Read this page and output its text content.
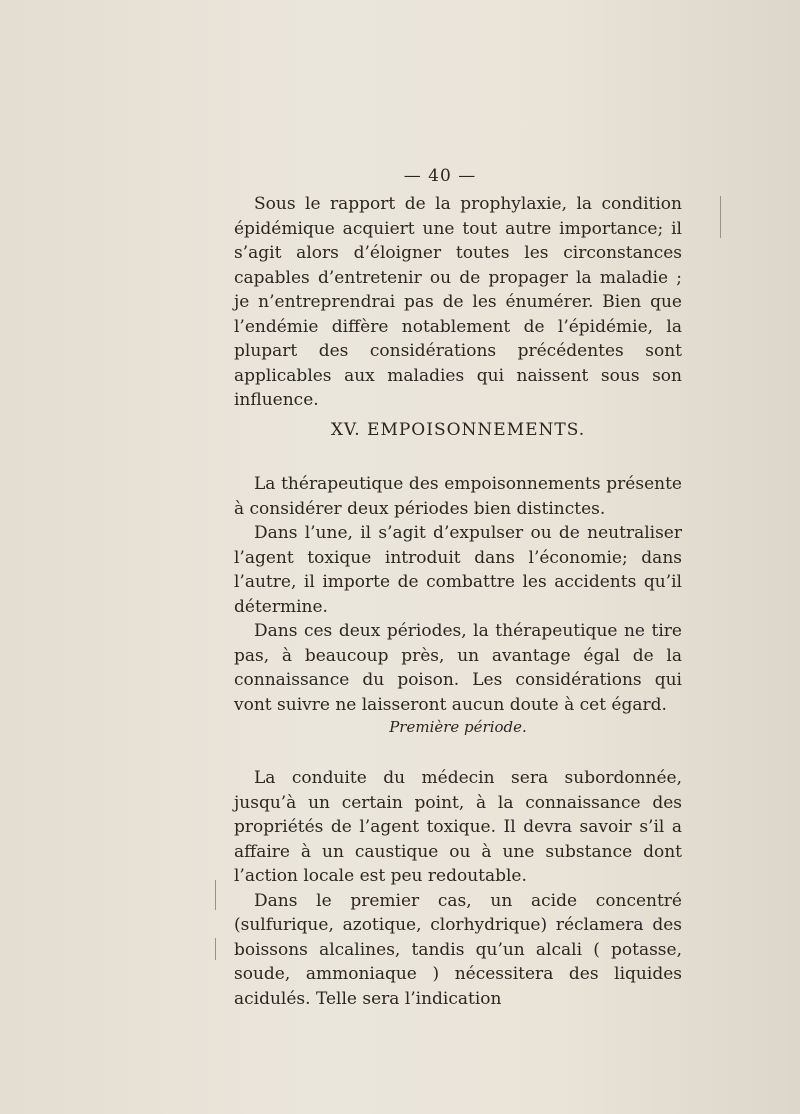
— 40 —

Sous le rapport de la prophylaxie, la condition épidémique acquiert une tout autre importance; il s’agit alors d’éloigner toutes les circonstances capables d’entretenir ou de propager la maladie ; je n’entreprendrai pas de les énumérer. Bien que l’endémie diffère notablement de l’épidémie, la plupart des considérations précédentes sont applicables aux maladies qui naissent sous son influence.

XV. EMPOISONNEMENTS.

La thérapeutique des empoisonnements présente à considérer deux périodes bien distinctes.

Dans l’une, il s’agit d’expulser ou de neutraliser l’agent toxique introduit dans l’économie; dans l’autre, il importe de combattre les accidents qu’il détermine.

Dans ces deux périodes, la thérapeutique ne tire pas, à beaucoup près, un avantage égal de la connaissance du poison. Les considérations qui vont suivre ne laisseront aucun doute à cet égard.

Première période.

La conduite du médecin sera subordonnée, jusqu’à un certain point, à la connaissance des propriétés de l’agent toxique. Il devra savoir s’il a affaire à un caustique ou à une substance dont l’action locale est peu redoutable.

Dans le premier cas, un acide concentré (sulfurique, azotique, clorhydrique) réclamera des boissons alcalines, tandis qu’un alcali ( potasse, soude, ammoniaque ) nécessitera des liquides acidulés. Telle sera l’indication
